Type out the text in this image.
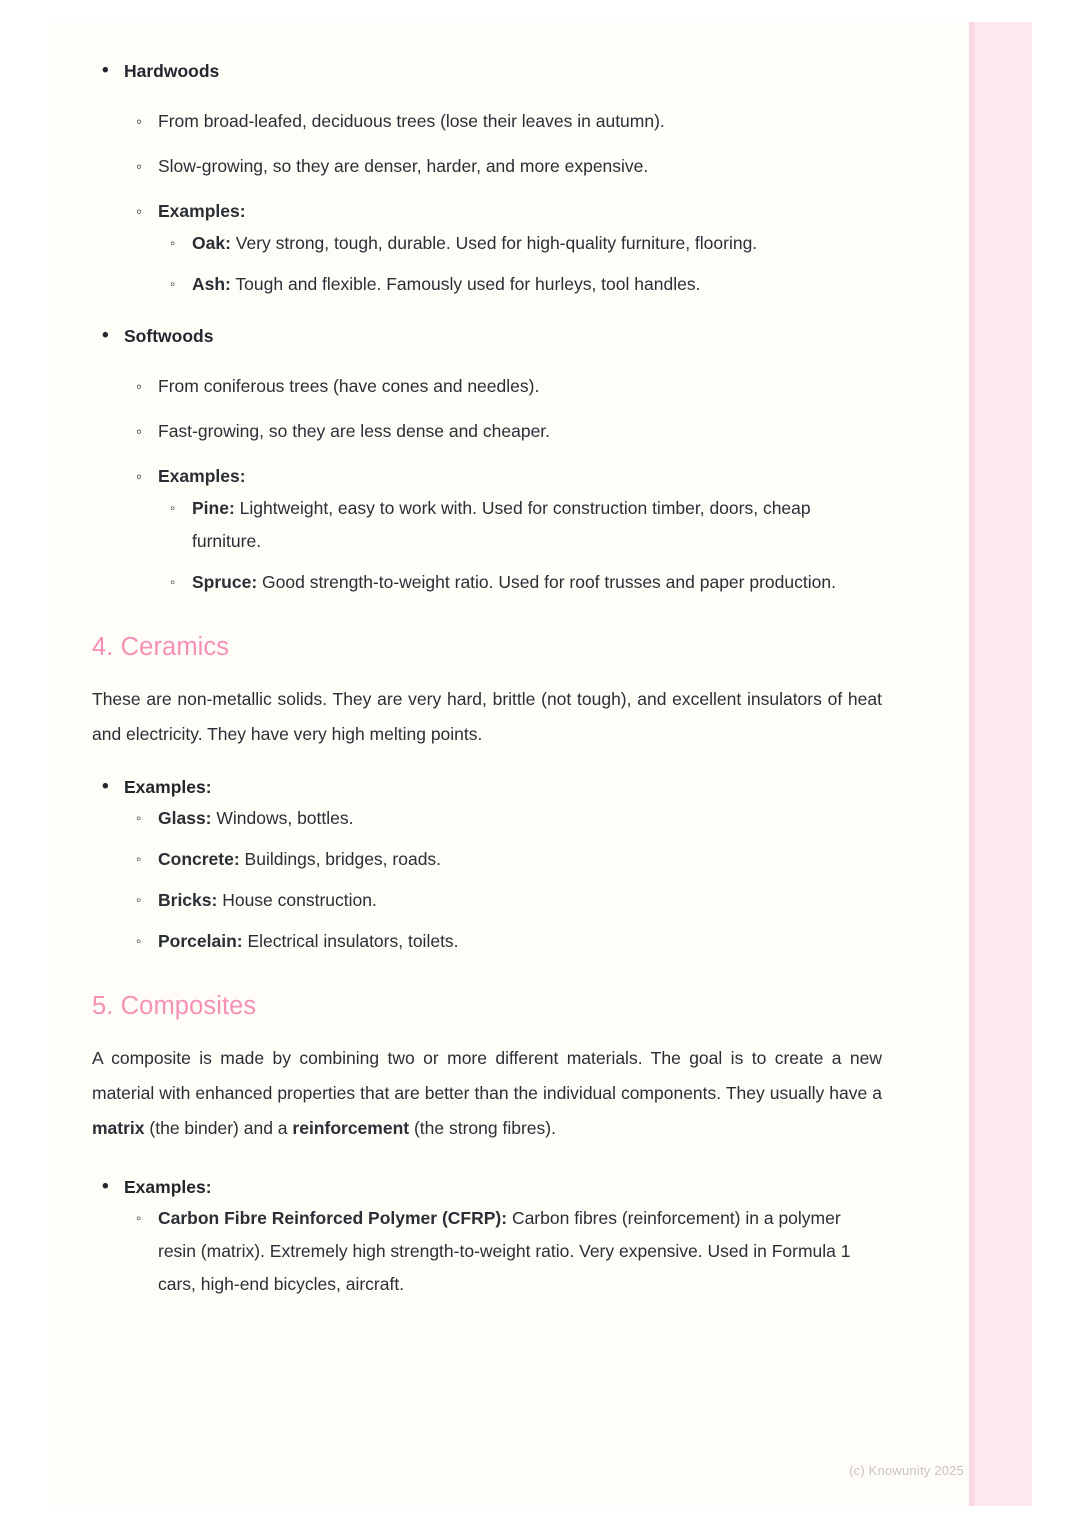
• Hardwoods
◦ From broad-leafed, deciduous trees (lose their leaves in autumn).
◦ Slow-growing, so they are denser, harder, and more expensive.
◦ Examples:
◦ Oak: Very strong, tough, durable. Used for high-quality furniture, flooring.
◦ Ash: Tough and flexible. Famously used for hurleys, tool handles.
• Softwoods
◦ From coniferous trees (have cones and needles).
◦ Fast-growing, so they are less dense and cheaper.
◦ Examples:
◦ Pine: Lightweight, easy to work with. Used for construction timber, doors, cheap furniture.
◦ Spruce: Good strength-to-weight ratio. Used for roof trusses and paper production.
4. Ceramics

These are non-metallic solids. They are very hard, brittle (not tough), and excellent insulators of heat and electricity. They have very high melting points.

• Examples:
◦ Glass: Windows, bottles.
◦ Concrete: Buildings, bridges, roads.
◦ Bricks: House construction.
◦ Porcelain: Electrical insulators, toilets.
5. Composites

A composite is made by combining two or more different materials. The goal is to create a new material with enhanced properties that are better than the individual components. They usually have a matrix (the binder) and a reinforcement (the strong fibres).

• Examples:
◦ Carbon Fibre Reinforced Polymer (CFRP): Carbon fibres (reinforcement) in a polymer resin (matrix). Extremely high strength-to-weight ratio. Very expensive. Used in Formula 1 cars, high-end bicycles, aircraft.
(c) Knowunity 2025
